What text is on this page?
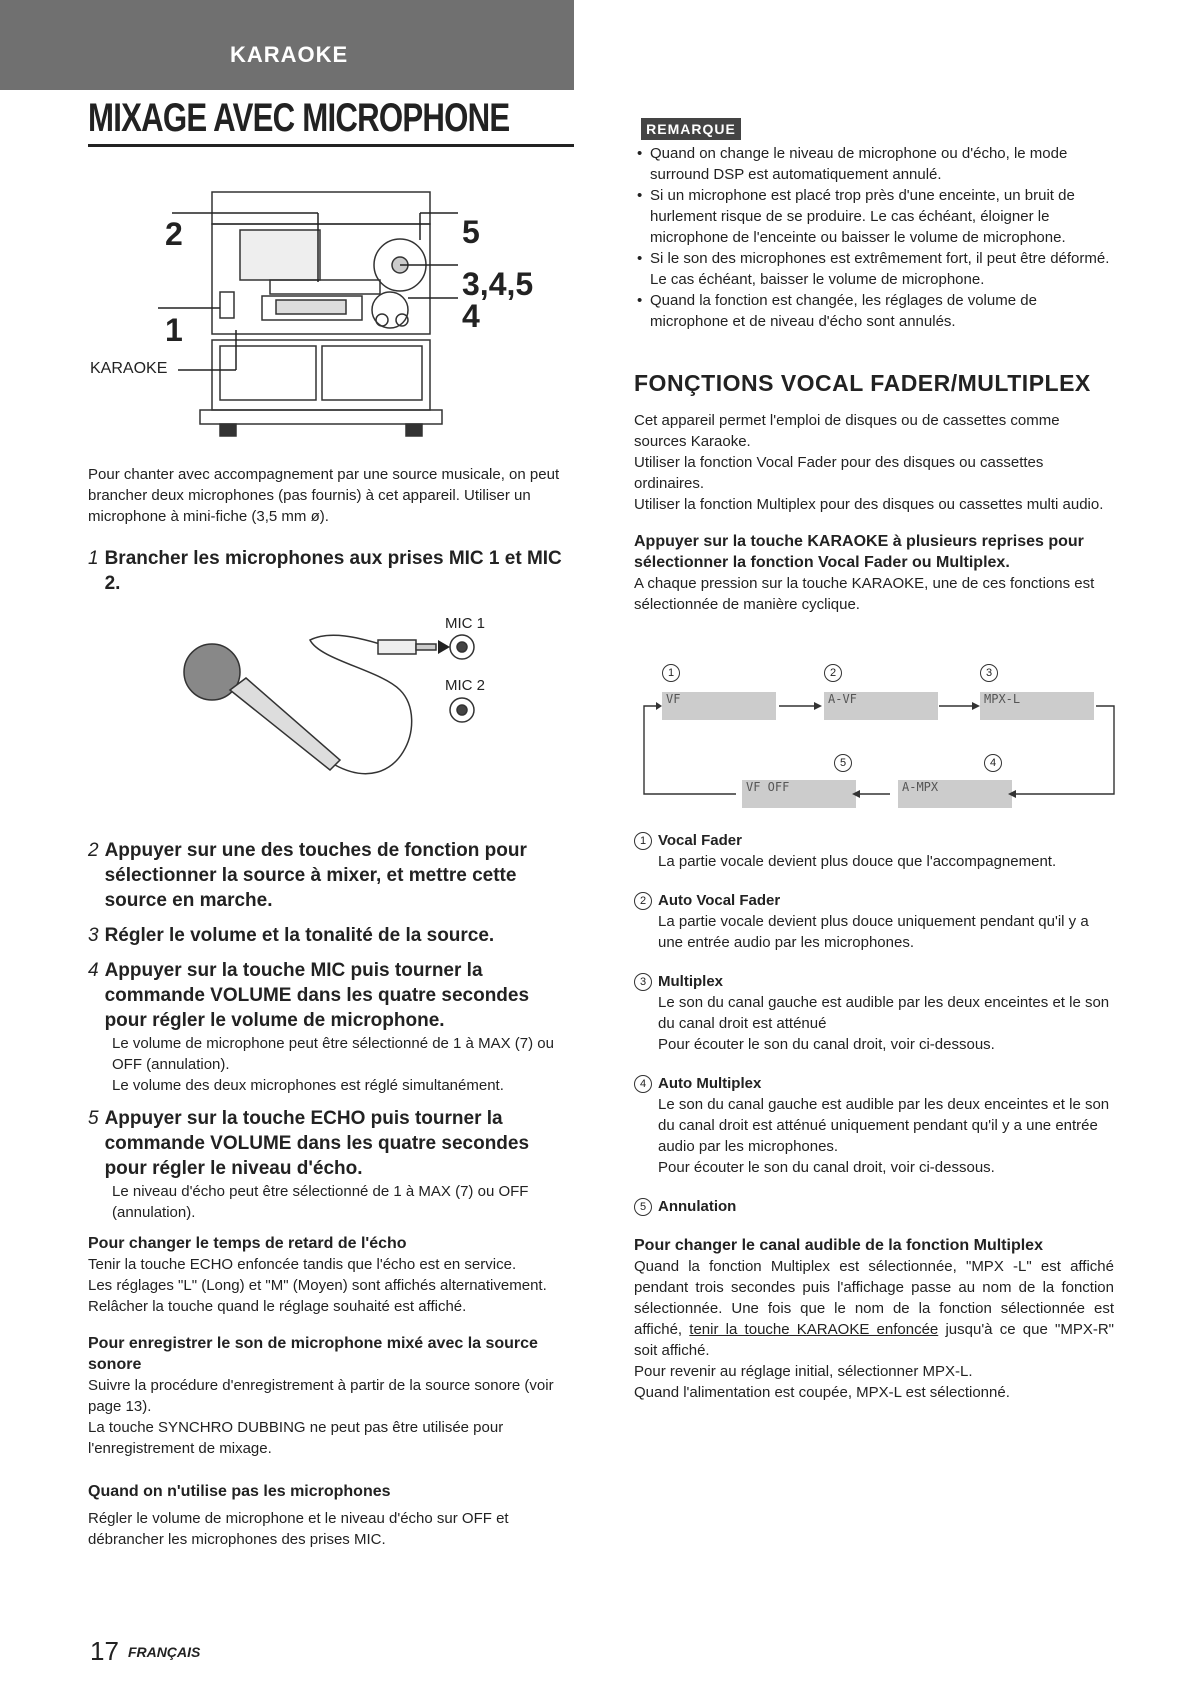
KARAOKE
MIXAGE AVEC MICROPHONE
2
1
5
3,4,5
4
KARAOKE
Pour chanter avec accompagnement par une source musicale, on peut brancher deux microphones (pas fournis) à cet appareil. Utiliser un microphone à mini-fiche (3,5 mm ø).
1 Brancher les microphones aux prises MIC 1 et MIC 2.
MIC 1
MIC 2
2 Appuyer sur une des touches de fonction pour sélectionner la source à mixer, et mettre cette source en marche.
3 Régler le volume et la tonalité de la source.
4 Appuyer sur la touche MIC puis tourner la commande VOLUME dans les quatre secondes pour régler le volume de microphone.
Le volume de microphone peut être sélectionné de 1 à MAX (7) ou OFF (annulation).
Le volume des deux microphones est réglé simultanément.
5 Appuyer sur la touche ECHO puis tourner la commande VOLUME dans les quatre secondes pour régler le niveau d'écho.
Le niveau d'écho peut être sélectionné de 1 à MAX (7) ou OFF (annulation).
Pour changer le temps de retard de l'écho
Tenir la touche ECHO enfoncée tandis que l'écho est en service.
Les réglages "L" (Long) et "M" (Moyen) sont affichés alternativement. Relâcher la touche quand le réglage souhaité est affiché.
Pour enregistrer le son de microphone mixé avec la source sonore
Suivre la procédure d'enregistrement à partir de la source sonore (voir page 13).
La touche SYNCHRO DUBBING ne peut pas être utilisée pour l'enregistrement de mixage.
Quand on n'utilise pas les microphones
Régler le volume de microphone et le niveau d'écho sur OFF et débrancher les microphones des prises MIC.
17 FRANÇAIS
REMARQUE
• Quand on change le niveau de microphone ou d'écho, le mode surround DSP est automatiquement annulé.
• Si un microphone est placé trop près d'une enceinte, un bruit de hurlement risque de se produire. Le cas échéant, éloigner le microphone de l'enceinte ou baisser le volume de microphone.
• Si le son des microphones est extrêmement fort, il peut être déformé. Le cas échéant, baisser le volume de microphone.
• Quand la fonction est changée, les réglages de volume de microphone et de niveau d'écho sont annulés.
FONÇTIONS VOCAL FADER/MULTIPLEX
Cet appareil permet l'emploi de disques ou de cassettes comme sources Karaoke.
Utiliser la fonction Vocal Fader pour des disques ou cassettes ordinaires.
Utiliser la fonction Multiplex pour des disques ou cassettes multi audio.
Appuyer sur la touche KARAOKE à plusieurs reprises pour sélectionner la fonction Vocal Fader ou Multiplex.
A chaque pression sur la touche KARAOKE, une de ces fonctions est sélectionnée de manière cyclique.
1	2	3
4
5
VF	A-VF	MPX-L
A-MPX
VF OFF
1 Vocal Fader
La partie vocale devient plus douce que l'accompagnement.
2 Auto Vocal Fader
La partie vocale devient plus douce uniquement pendant qu'il y a une entrée audio par les microphones.
3 Multiplex
Le son du canal gauche est audible par les deux enceintes et le son du canal droit est atténué
Pour écouter le son du canal droit, voir ci-dessous.
4 Auto Multiplex
Le son du canal gauche est audible par les deux enceintes et le son du canal droit est atténué uniquement pendant qu'il y a une entrée audio par les microphones.
Pour écouter le son du canal droit, voir ci-dessous.
5 Annulation
Pour changer le canal audible de la fonction Multiplex
Quand la fonction Multiplex est sélectionnée, "MPX -L" est affiché pendant trois secondes puis l'affichage passe au nom de la fonction sélectionnée. Une fois que le nom de la fonction sélectionnée est affiché, tenir la touche KARAOKE enfoncée jusqu'à ce que "MPX-R" soit affiché.
Pour revenir au réglage initial, sélectionner MPX-L.
Quand l'alimentation est coupée, MPX-L est sélectionné.
